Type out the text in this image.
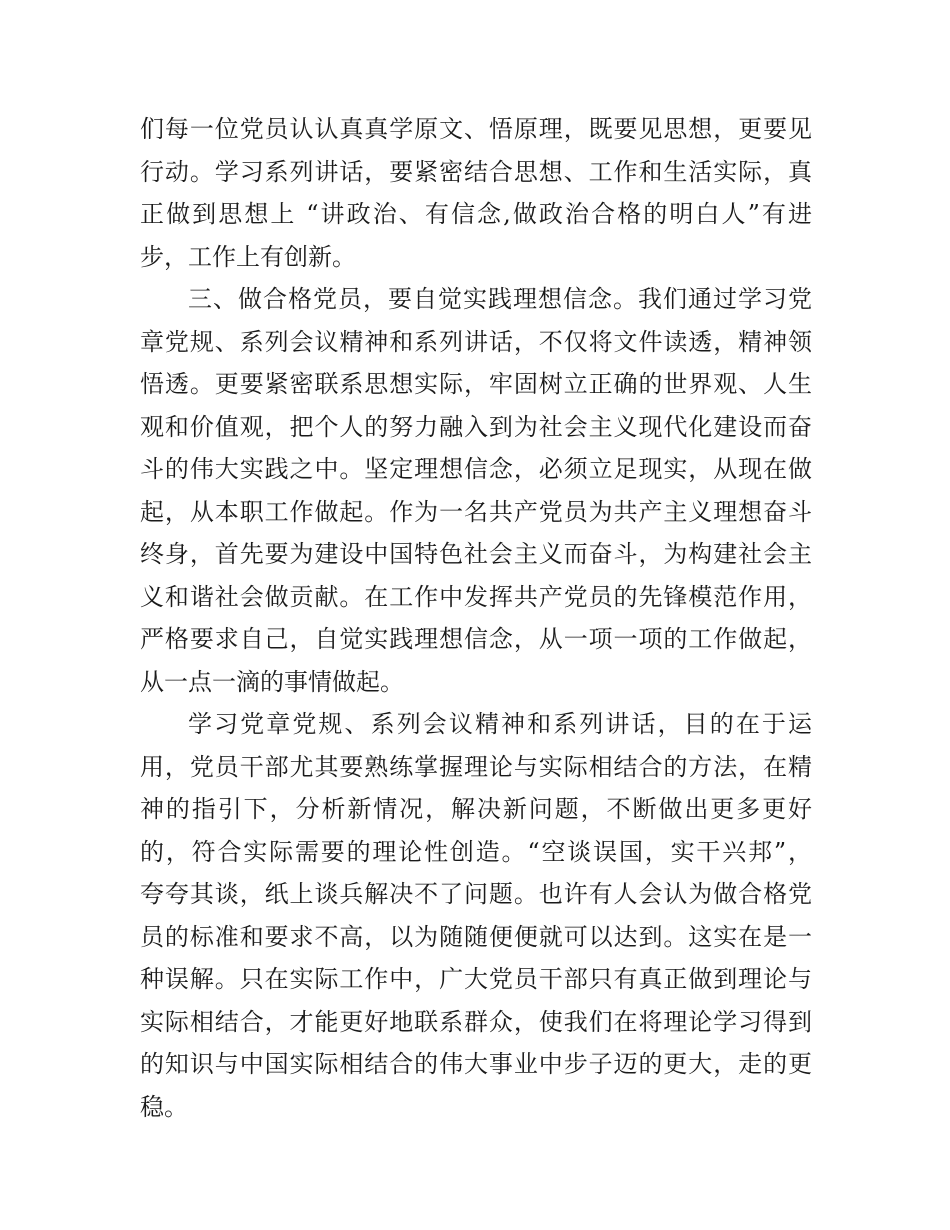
们每一位党员认认真真学原文、悟原理，既要见思想，更要见
行动。学习系列讲话，要紧密结合思想、工作和生活实际，真
正做到思想上 “讲政治、有信念,做政治合格的明白人”有进
步，工作上有创新。
三、做合格党员，要自觉实践理想信念。我们通过学习党
章党规、系列会议精神和系列讲话，不仅将文件读透，精神领
悟透。更要紧密联系思想实际，牢固树立正确的世界观、人生
观和价值观，把个人的努力融入到为社会主义现代化建设而奋
斗的伟大实践之中。坚定理想信念，必须立足现实，从现在做
起，从本职工作做起。作为一名共产党员为共产主义理想奋斗
终身，首先要为建设中国特色社会主义而奋斗，为构建社会主
义和谐社会做贡献。在工作中发挥共产党员的先锋模范作用，
严格要求自己，自觉实践理想信念，从一项一项的工作做起，
从一点一滴的事情做起。
学习党章党规、系列会议精神和系列讲话，目的在于运
用，党员干部尤其要熟练掌握理论与实际相结合的方法，在精
神的指引下，分析新情况，解决新问题，不断做出更多更好
的，符合实际需要的理论性创造。“空谈误国，实干兴邦”，
夸夸其谈，纸上谈兵解决不了问题。也许有人会认为做合格党
员的标准和要求不高，以为随随便便就可以达到。这实在是一
种误解。只在实际工作中，广大党员干部只有真正做到理论与
实际相结合，才能更好地联系群众，使我们在将理论学习得到
的知识与中国实际相结合的伟大事业中步子迈的更大，走的更
稳。
